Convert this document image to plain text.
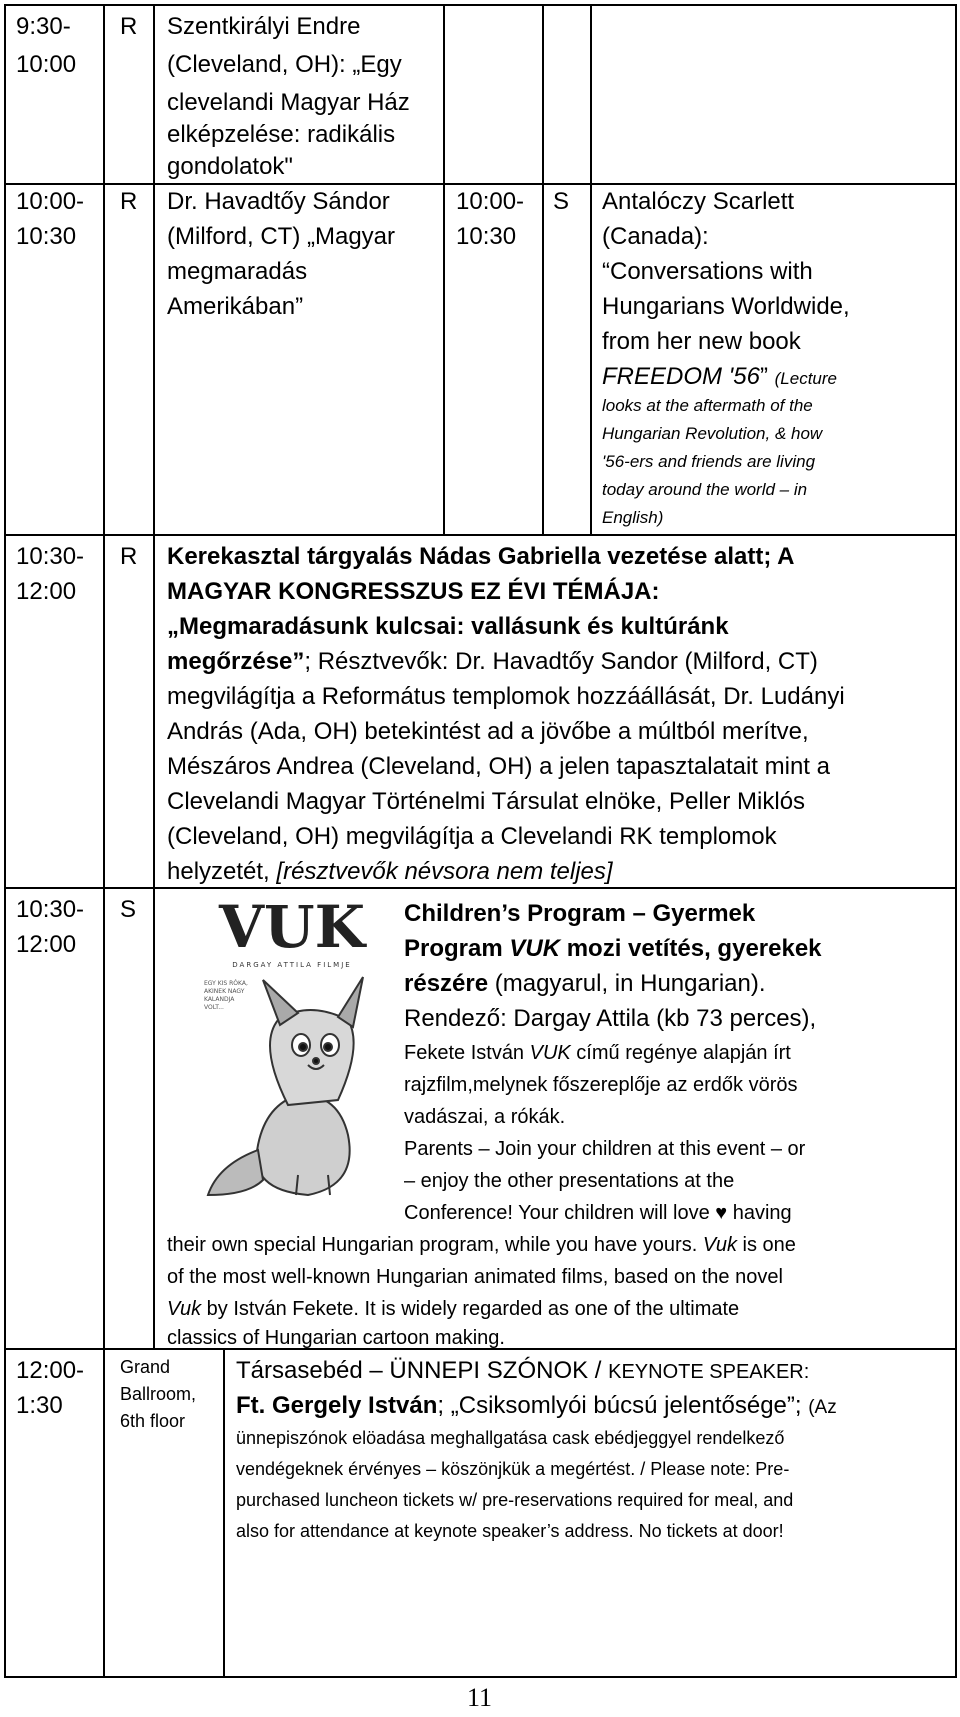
9:30-
10:00
R Szentkirályi Endre
(Cleveland, OH): „Egy
clevelandi Magyar Ház
elképzelése: radikális
gondolatok"
10:00-
10:30
R Dr. Havadtőy Sándor
(Milford, CT) „Magyar
megmaradás
Amerikában”
10:00-
10:30
S Antalóczy Scarlett
(Canada):
“Conversations with
Hungarians Worldwide,
from her new book
FREEDOM '56” (Lecture
looks at the aftermath of the
Hungarian Revolution, & how
'56-ers and friends are living
today around the world – in
English)
10:30-
12:00
R Kerekasztal tárgyalás Nádas Gabriella vezetése alatt; A
MAGYAR KONGRESSZUS EZ ÉVI TÉMÁJA:
„Megmaradásunk kulcsai: vallásunk és kultúránk
megőrzése”; Résztvevők: Dr. Havadtőy Sandor (Milford, CT)
megvilágítja a Református templomok hozzáállását, Dr. Ludányi
András (Ada, OH) betekintést ad a jövőbe a múltból merítve,
Mészáros Andrea (Cleveland, OH) a jelen tapasztalatait mint a
Clevelandi Magyar Történelmi Társulat elnöke, Peller Miklós
(Cleveland, OH) megvilágítja a Clevelandi RK templomok
helyzetét, [résztvevők névsora nem teljes]
10:30-
12:00
S VUK
DARGAY ATTILA FILMJE
EGY KIS RÓKA,
AKINEK NAGY
KALANDJA
VOLT...
Children’s Program – Gyermek
Program VUK mozi vetítés, gyerekek
részére (magyarul, in Hungarian).
Rendező: Dargay Attila (kb 73 perces),
Fekete István VUK című regénye alapján írt
rajzfilm,melynek főszereplője az erdők vörös
vadászai, a rókák.
Parents – Join your children at this event – or
– enjoy the other presentations at the
Conference! Your children will love ♥ having
their own special Hungarian program, while you have yours. Vuk is one
of the most well-known Hungarian animated films, based on the novel
Vuk by István Fekete. It is widely regarded as one of the ultimate
classics of Hungarian cartoon making.
12:00-
1:30
Grand
Ballroom,
6th floor
Társasebéd – ÜNNEPI SZÓNOK / KEYNOTE SPEAKER:
Ft. Gergely István; „Csiksomlyói búcsú jelentősége”; (Az
ünnepiszónok elöadása meghallgatása cask ebédjeggyel rendelkező
vendégeknek érvényes – köszönjkük a megértést. / Please note: Pre-
purchased luncheon tickets w/ pre-reservations required for meal, and
also for attendance at keynote speaker’s address. No tickets at door!
11
